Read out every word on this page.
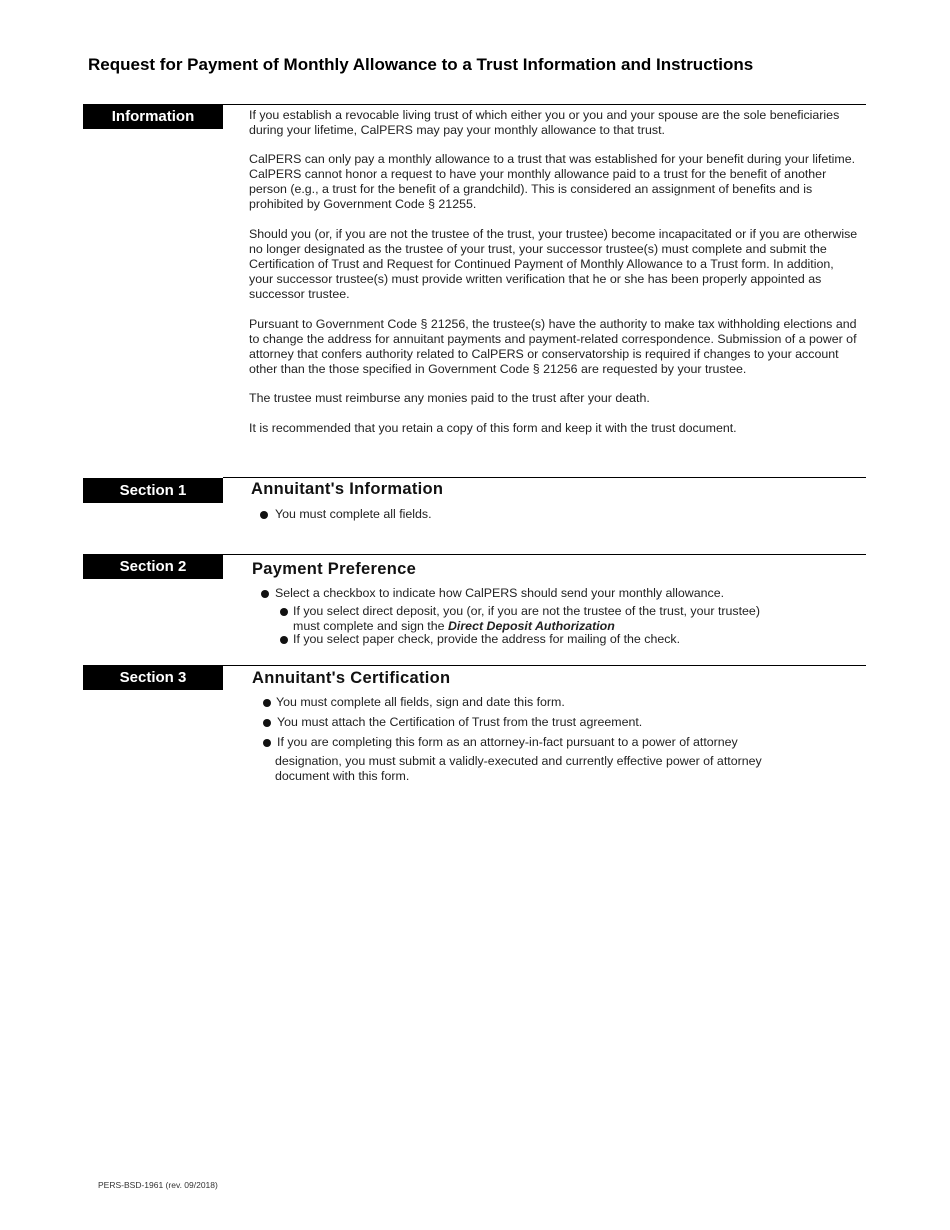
Request for Payment of Monthly Allowance to a Trust Information and Instructions
Information	If you establish a revocable living trust of which either you or you and your spouse are the sole beneficiaries during your lifetime, CalPERS may pay your monthly allowance to that trust.

CalPERS can only pay a monthly allowance to a trust that was established for your benefit during your lifetime. CalPERS cannot honor a request to have your monthly allowance paid to a trust for the benefit of another person (e.g., a trust for the benefit of a grandchild). This is considered an assignment of benefits and is prohibited by Government Code § 21255.

Should you (or, if you are not the trustee of the trust, your trustee) become incapacitated or if you are otherwise no longer designated as the trustee of your trust, your successor trustee(s) must complete and submit the Certification of Trust and Request for Continued Payment of Monthly Allowance to a Trust form. In addition, your successor trustee(s) must provide written verification that he or she has been properly appointed as successor trustee.

Pursuant to Government Code § 21256, the trustee(s) have the authority to make tax withholding elections and to change the address for annuitant payments and payment-related correspondence. Submission of a power of attorney that confers authority related to CalPERS or conservatorship is required if changes to your account other than the those specified in Government Code § 21256 are requested by your trustee.

The trustee must reimburse any monies paid to the trust after your death.

It is recommended that you retain a copy of this form and keep it with the trust document.

Section 1	Annuitant's Information
You must complete all fields.
Section 2	Payment Preference
Select a checkbox to indicate how CalPERS should send your monthly allowance.
If you select direct deposit, you (or, if you are not the trustee of the trust, your trustee)
must complete and sign the Direct Deposit Authorization
If you select paper check, provide the address for mailing of the check.
Section 3	Annuitant's Certification
You must complete all fields, sign and date this form.
You must attach the Certification of Trust from the trust agreement.
If you are completing this form as an attorney-in-fact pursuant to a power of attorney
designation, you must submit a validly-executed and currently effective power of attorney
document with this form.
PERS-BSD-1961 (rev. 09/2018)
